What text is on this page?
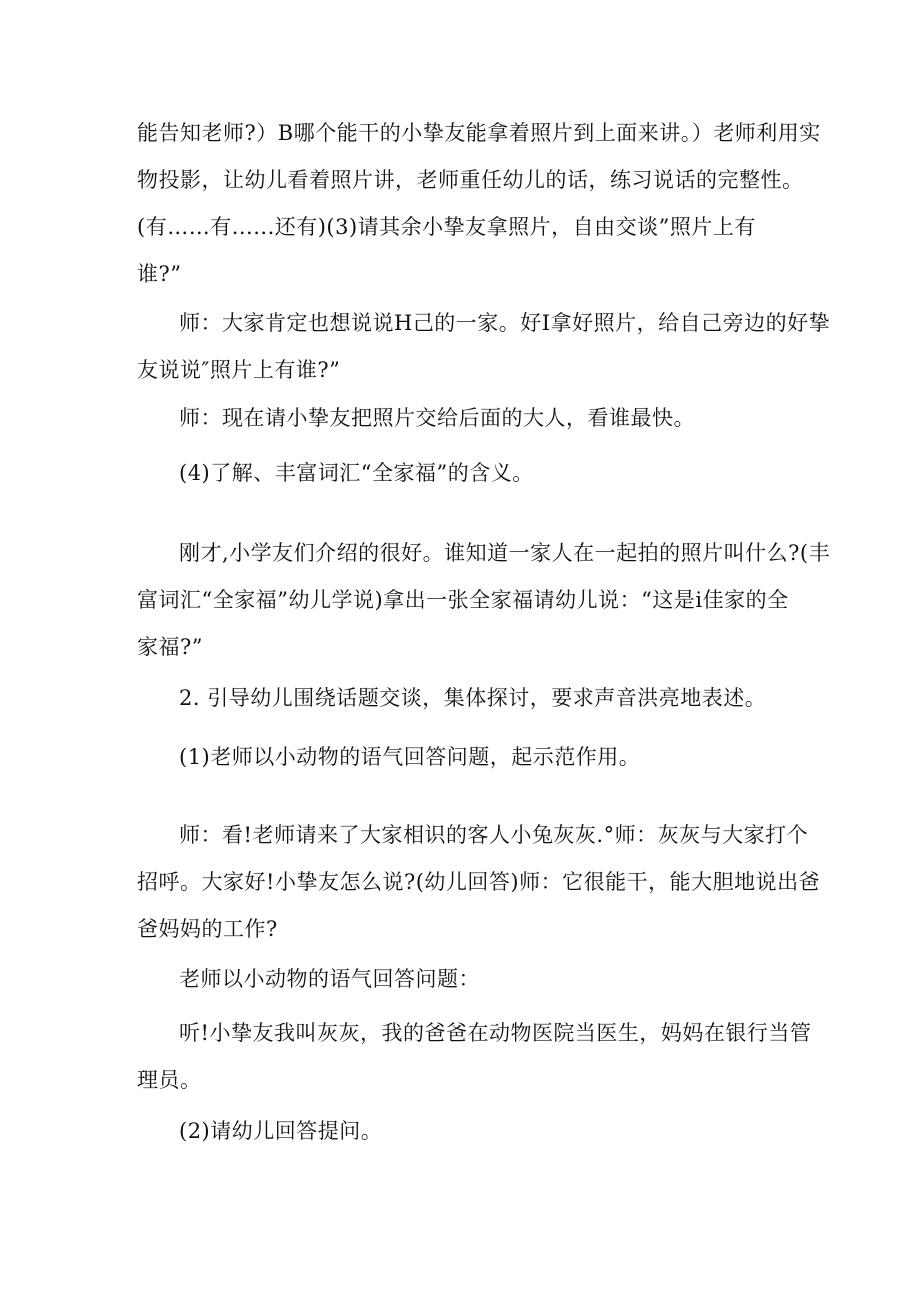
能告知老师?）B哪个能干的小挚友能拿着照片到上面来讲。）老师利用实
物投影，让幼儿看着照片讲，老师重任幼儿的话，练习说话的完整性。
(有……有......还有)(3)请其余小挚友拿照片，自由交谈”照片上有
谁?”
师：大家肯定也想说说H己的一家。好I拿好照片，给自己旁边的好挚
友说说″照片上有谁?”
师：现在请小挚友把照片交给后面的大人，看谁最快。
(4)了解、丰富词汇“全家福”的含义。
刚才,小学友们介绍的很好。谁知道一家人在一起拍的照片叫什么?(丰
富词汇“全家福”幼儿学说)拿出一张全家福请幼儿说：“这是i佳家的全
家福?”
2. 引导幼儿围绕话题交谈，集体探讨，要求声音洪亮地表述。
(1)老师以小动物的语气回答问题，起示范作用。
师：看!老师请来了大家相识的客人小兔灰灰.°师：灰灰与大家打个
招呼。大家好!小挚友怎么说?(幼儿回答)师：它很能干，能大胆地说出爸
爸妈妈的工作?
老师以小动物的语气回答问题：
听!小挚友我叫灰灰，我的爸爸在动物医院当医生，妈妈在银行当管
理员。
(2)请幼儿回答提问。
